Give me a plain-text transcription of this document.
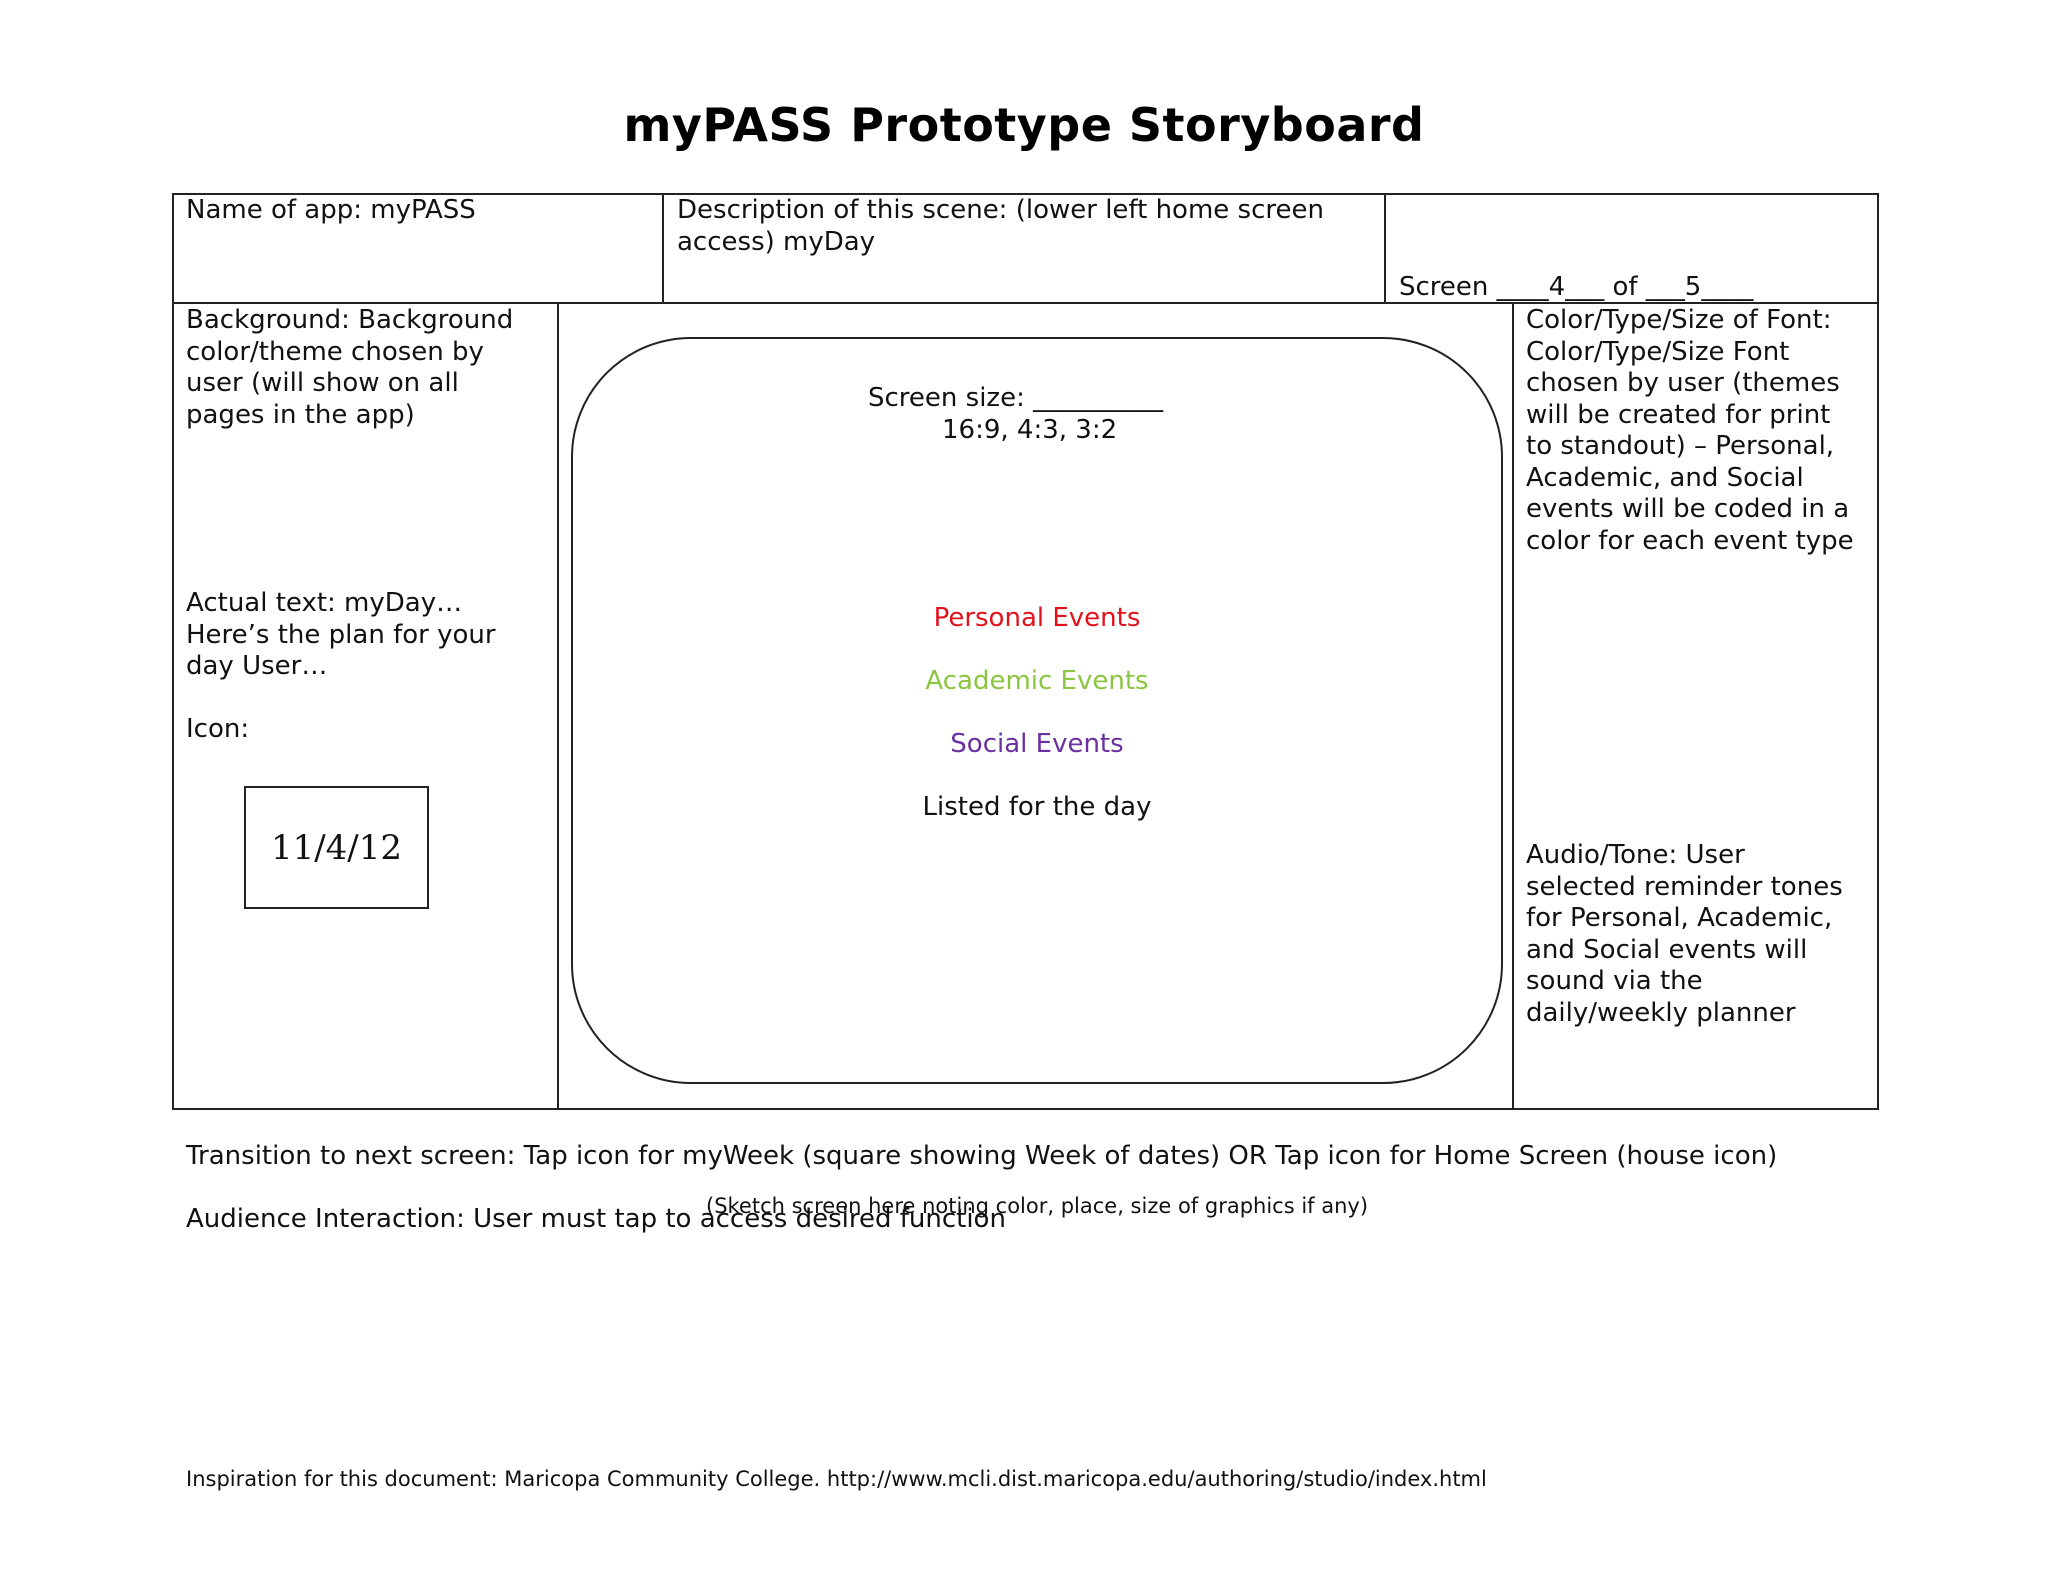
myPASS Prototype Storyboard
Name of app: myPASS	Description of this scene: (lower left home screen
access) myDay
Screen ____4___ of ___5____
Background: Background
color/theme chosen by
user (will show on all
pages in the app)
Actual text: myDay…
Here’s the plan for your
day User…
Icon:
11/4/12
Screen size: __________
16:9, 4:3, 3:2
Personal Events
Academic Events
Social Events
Listed for the day
Color/Type/Size of Font:
Color/Type/Size Font
chosen by user (themes
will be created for print
to standout) – Personal,
Academic, and Social
events will be coded in a
color for each event type
Audio/Tone: User
selected reminder tones
for Personal, Academic,
and Social events will
sound via the
daily/weekly planner
Transition to next screen: Tap icon for myWeek (square showing Week of dates) OR Tap icon for Home Screen (house icon)
Audience Interaction: User must tap to access desired function
(Sketch screen here noting color, place, size of graphics if any)
Inspiration for this document: Maricopa Community College. http://www.mcli.dist.maricopa.edu/authoring/studio/index.html
